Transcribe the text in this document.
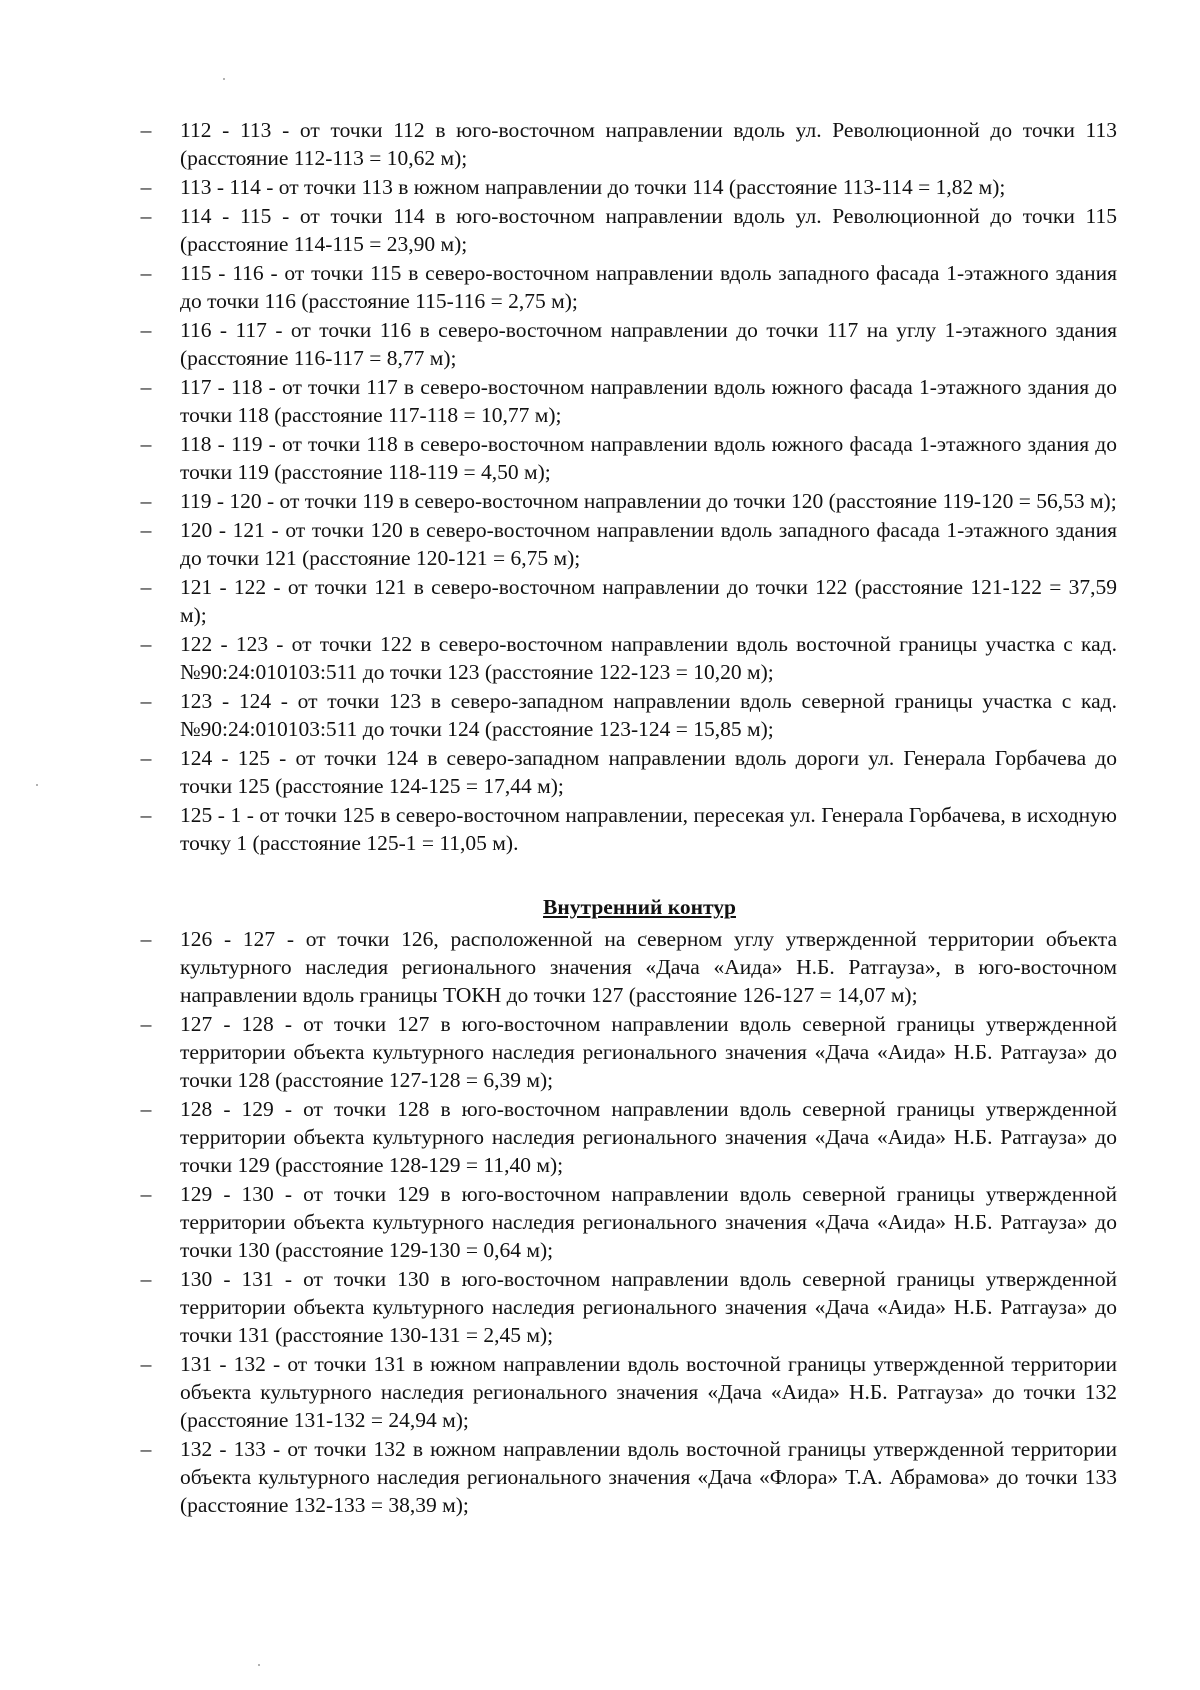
–	112 - 113 - от точки 112 в юго-восточном направлении вдоль ул. Революционной до точки 113 (расстояние 112-113 = 10,62 м);
–	113 - 114 - от точки 113 в южном направлении до точки 114 (расстояние 113-114 = 1,82 м);
–	114 - 115 - от точки 114 в юго-восточном направлении вдоль ул. Революционной до точки 115 (расстояние 114-115 = 23,90 м);
–	115 - 116 - от точки 115 в северо-восточном направлении вдоль западного фасада 1-этажного здания до точки 116 (расстояние 115-116 = 2,75 м);
–	116 - 117 - от точки 116 в северо-восточном направлении до точки 117 на углу 1-этажного здания (расстояние 116-117 = 8,77 м);
–	117 - 118 - от точки 117 в северо-восточном направлении вдоль южного фасада 1-этажного здания до точки 118 (расстояние 117-118 = 10,77 м);
–	118 - 119 - от точки 118 в северо-восточном направлении вдоль южного фасада 1-этажного здания до точки 119 (расстояние 118-119 = 4,50 м);
–	119 - 120 - от точки 119 в северо-восточном направлении до точки 120 (расстояние 119-120 = 56,53 м);
–	120 - 121 - от точки 120 в северо-восточном направлении вдоль западного фасада 1-этажного здания до точки 121 (расстояние 120-121 = 6,75 м);
–	121 - 122 - от точки 121 в северо-восточном направлении до точки 122 (расстояние 121-122 = 37,59 м);
–	122 - 123 - от точки 122 в северо-восточном направлении вдоль восточной границы участка с кад. №90:24:010103:511 до точки 123 (расстояние 122-123 = 10,20 м);
–	123 - 124 - от точки 123 в северо-западном направлении вдоль северной границы участка с кад. №90:24:010103:511 до точки 124 (расстояние 123-124 = 15,85 м);
–	124 - 125 - от точки 124 в северо-западном направлении вдоль дороги ул. Генерала Горбачева до точки 125 (расстояние 124-125 = 17,44 м);
–	125 - 1 - от точки 125 в северо-восточном направлении, пересекая ул. Генерала Горбачева, в исходную точку 1 (расстояние 125-1 = 11,05 м).
Внутренний контур
–	126 - 127 - от точки 126, расположенной на северном углу утвержденной территории объекта культурного наследия регионального значения «Дача «Аида» Н.Б. Ратгауза», в юго-восточном направлении вдоль границы ТОКН до точки 127 (расстояние 126-127 = 14,07 м);
–	127 - 128 - от точки 127 в юго-восточном направлении вдоль северной границы утвержденной территории объекта культурного наследия регионального значения «Дача «Аида» Н.Б. Ратгауза» до точки 128 (расстояние 127-128 = 6,39 м);
–	128 - 129 - от точки 128 в юго-восточном направлении вдоль северной границы утвержденной территории объекта культурного наследия регионального значения «Дача «Аида» Н.Б. Ратгауза» до точки 129 (расстояние 128-129 = 11,40 м);
–	129 - 130 - от точки 129 в юго-восточном направлении вдоль северной границы утвержденной территории объекта культурного наследия регионального значения «Дача «Аида» Н.Б. Ратгауза» до точки 130 (расстояние 129-130 = 0,64 м);
–	130 - 131 - от точки 130 в юго-восточном направлении вдоль северной границы утвержденной территории объекта культурного наследия регионального значения «Дача «Аида» Н.Б. Ратгауза» до точки 131 (расстояние 130-131 = 2,45 м);
–	131 - 132 - от точки 131 в южном направлении вдоль восточной границы утвержденной территории объекта культурного наследия регионального значения «Дача «Аида» Н.Б. Ратгауза» до точки 132 (расстояние 131-132 = 24,94 м);
–	132 - 133 - от точки 132 в южном направлении вдоль восточной границы утвержденной территории объекта культурного наследия регионального значения «Дача «Флора» Т.А. Абрамова» до точки 133 (расстояние 132-133 = 38,39 м);
